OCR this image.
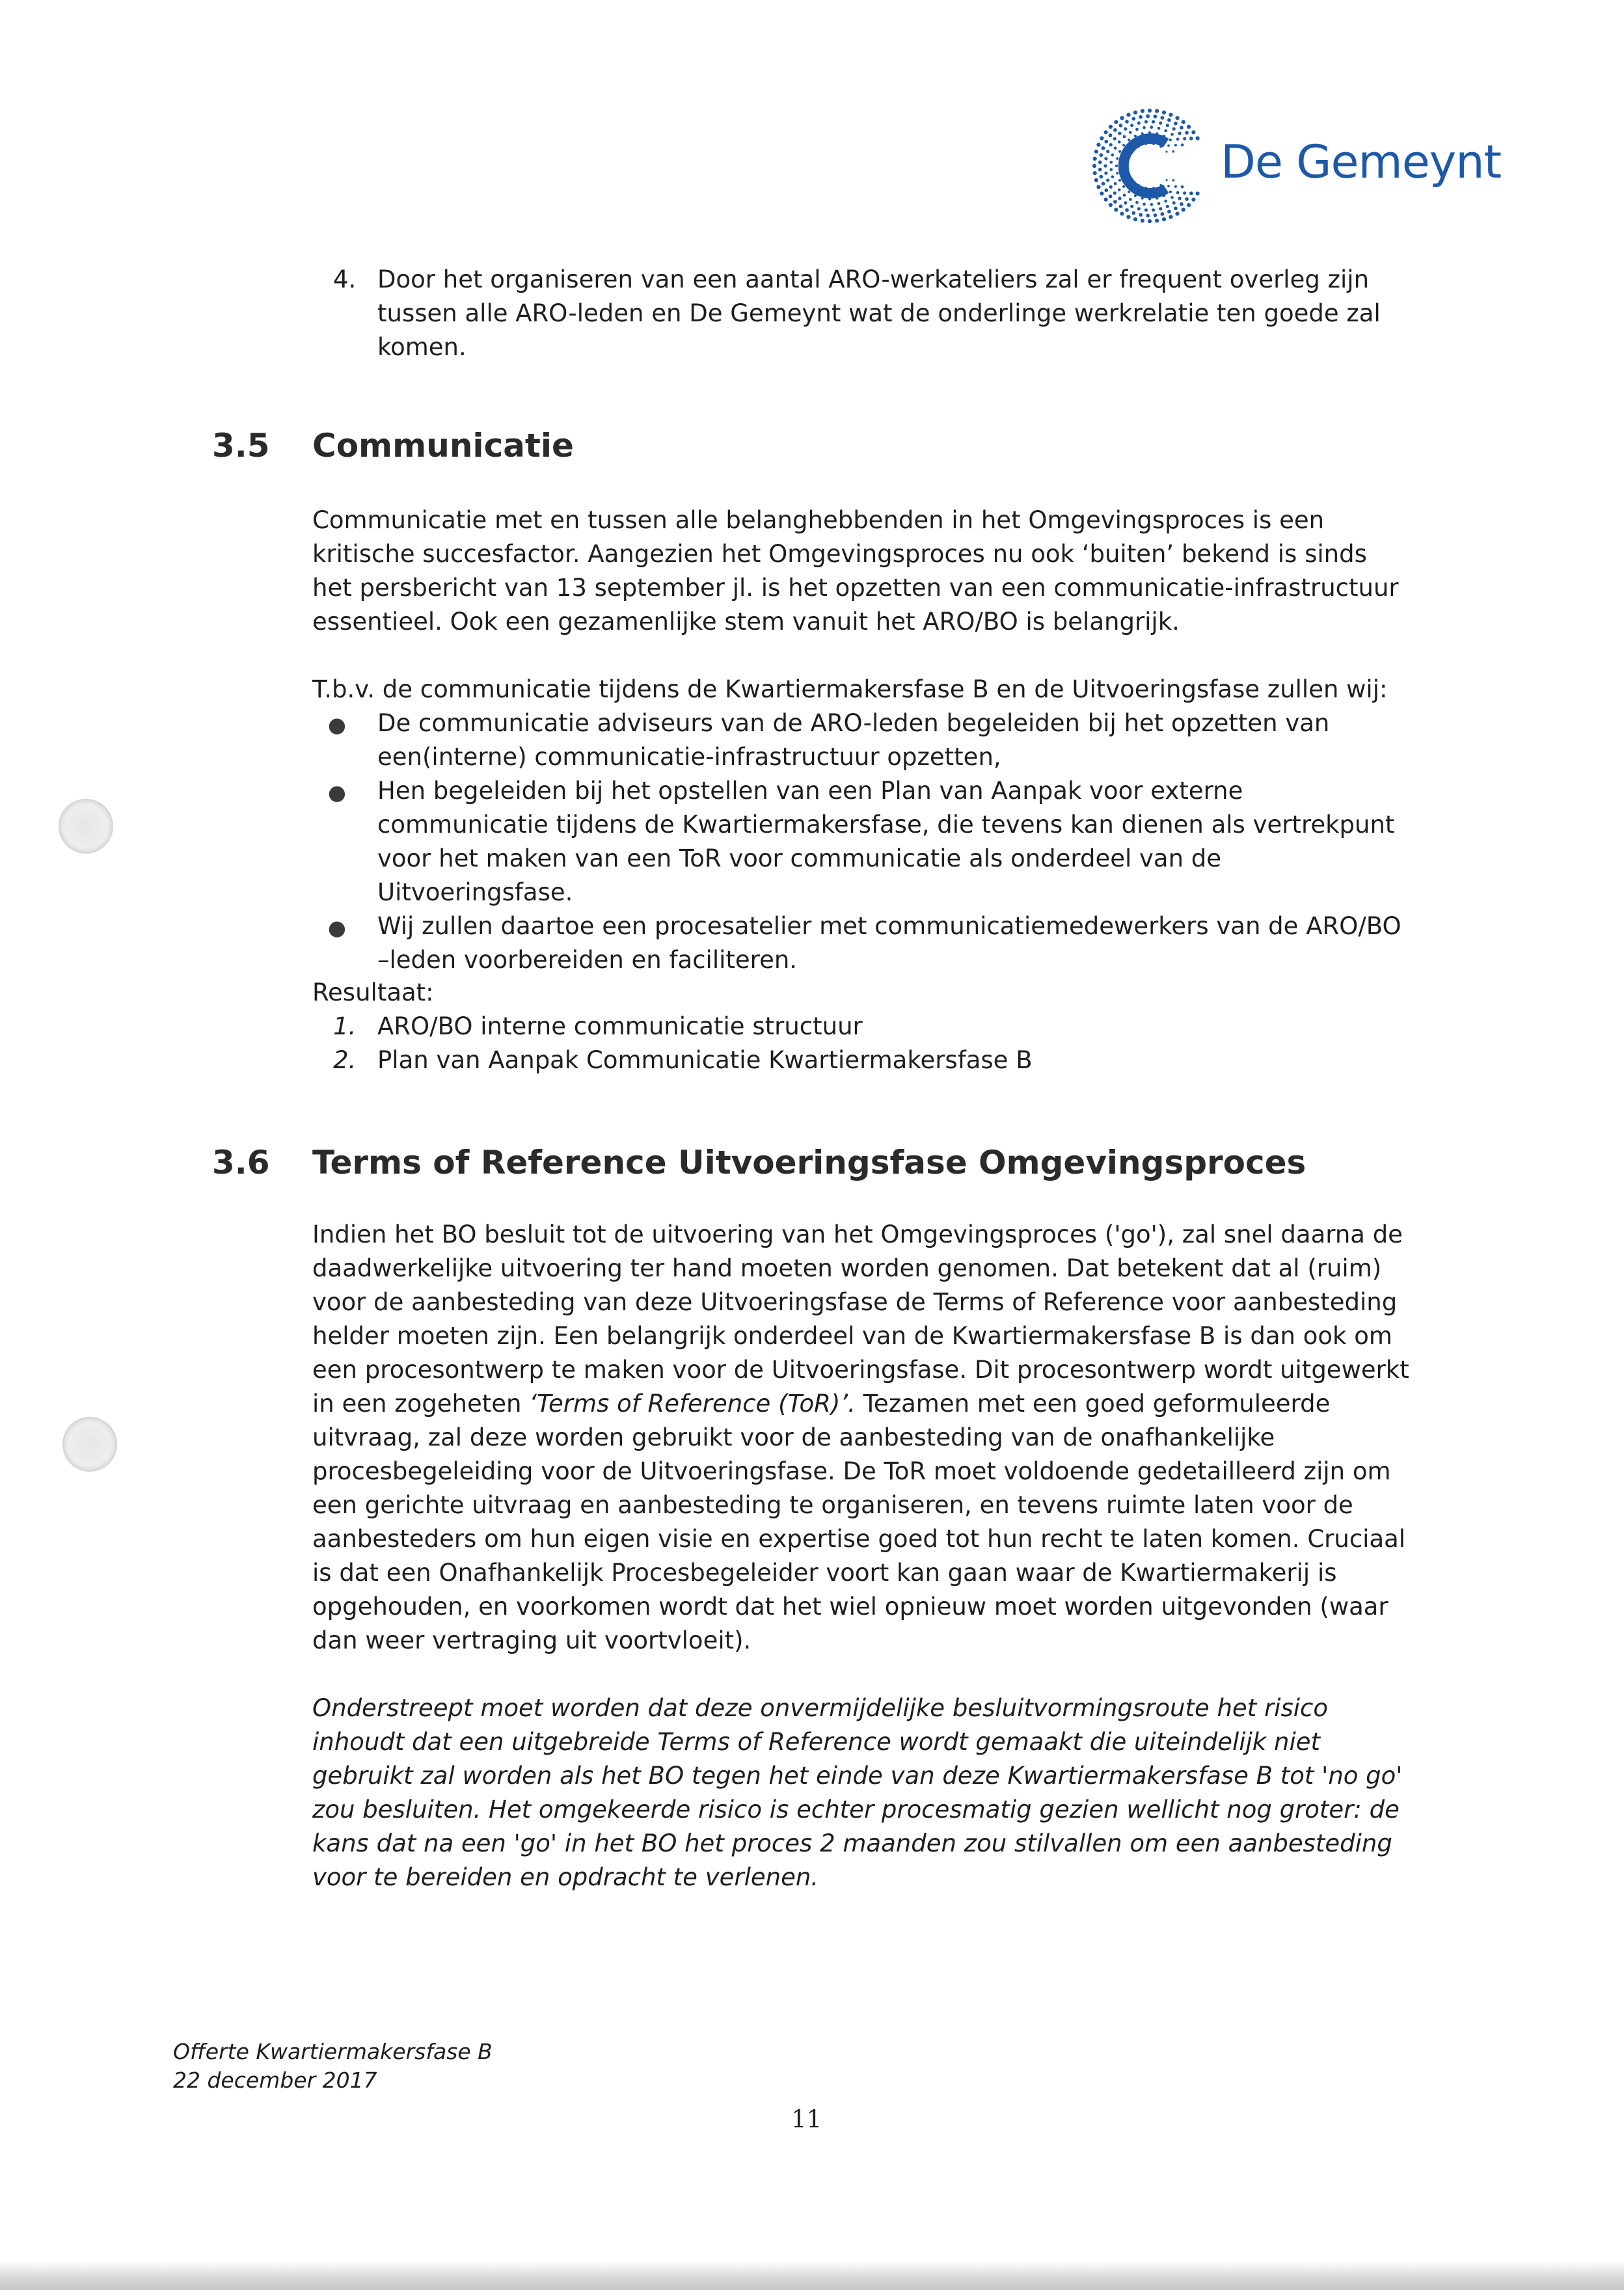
De Gemeynt
4. Door het organiseren van een aantal ARO-werkateliers zal er frequent overleg zijn tussen alle ARO-leden en De Gemeynt wat de onderlinge werkrelatie ten goede zal komen.
3.5 Communicatie
Communicatie met en tussen alle belanghebbenden in het Omgevingsproces is een kritische succesfactor. Aangezien het Omgevingsproces nu ook ‘buiten’ bekend is sinds het persbericht van 13 september jl. is het opzetten van een communicatie-infrastructuur essentieel. Ook een gezamenlijke stem vanuit het ARO/BO is belangrijk.
T.b.v. de communicatie tijdens de Kwartiermakersfase B en de Uitvoeringsfase zullen wij:
● De communicatie adviseurs van de ARO-leden begeleiden bij het opzetten van een(interne) communicatie-infrastructuur opzetten,
● Hen begeleiden bij het opstellen van een Plan van Aanpak voor externe communicatie tijdens de Kwartiermakersfase, die tevens kan dienen als vertrekpunt voor het maken van een ToR voor communicatie als onderdeel van de Uitvoeringsfase.
● Wij zullen daartoe een procesatelier met communicatiemedewerkers van de ARO/BO –leden voorbereiden en faciliteren.
Resultaat:
1. ARO/BO interne communicatie structuur
2. Plan van Aanpak Communicatie Kwartiermakersfase B
3.6 Terms of Reference Uitvoeringsfase Omgevingsproces
Indien het BO besluit tot de uitvoering van het Omgevingsproces ('go'), zal snel daarna de daadwerkelijke uitvoering ter hand moeten worden genomen. Dat betekent dat al (ruim) voor de aanbesteding van deze Uitvoeringsfase de Terms of Reference voor aanbesteding helder moeten zijn. Een belangrijk onderdeel van de Kwartiermakersfase B is dan ook om een procesontwerp te maken voor de Uitvoeringsfase. Dit procesontwerp wordt uitgewerkt in een zogeheten ‘Terms of Reference (ToR)’. Tezamen met een goed geformuleerde uitvraag, zal deze worden gebruikt voor de aanbesteding van de onafhankelijke procesbegeleiding voor de Uitvoeringsfase. De ToR moet voldoende gedetailleerd zijn om een gerichte uitvraag en aanbesteding te organiseren, en tevens ruimte laten voor de aanbesteders om hun eigen visie en expertise goed tot hun recht te laten komen. Cruciaal is dat een Onafhankelijk Procesbegeleider voort kan gaan waar de Kwartiermakerij is opgehouden, en voorkomen wordt dat het wiel opnieuw moet worden uitgevonden (waar dan weer vertraging uit voortvloeit).
Onderstreept moet worden dat deze onvermijdelijke besluitvormingsroute het risico inhoudt dat een uitgebreide Terms of Reference wordt gemaakt die uiteindelijk niet gebruikt zal worden als het BO tegen het einde van deze Kwartiermakersfase B tot 'no go' zou besluiten. Het omgekeerde risico is echter procesmatig gezien wellicht nog groter: de kans dat na een 'go' in het BO het proces 2 maanden zou stilvallen om een aanbesteding voor te bereiden en opdracht te verlenen.
Offerte Kwartiermakersfase B
22 december 2017
11
